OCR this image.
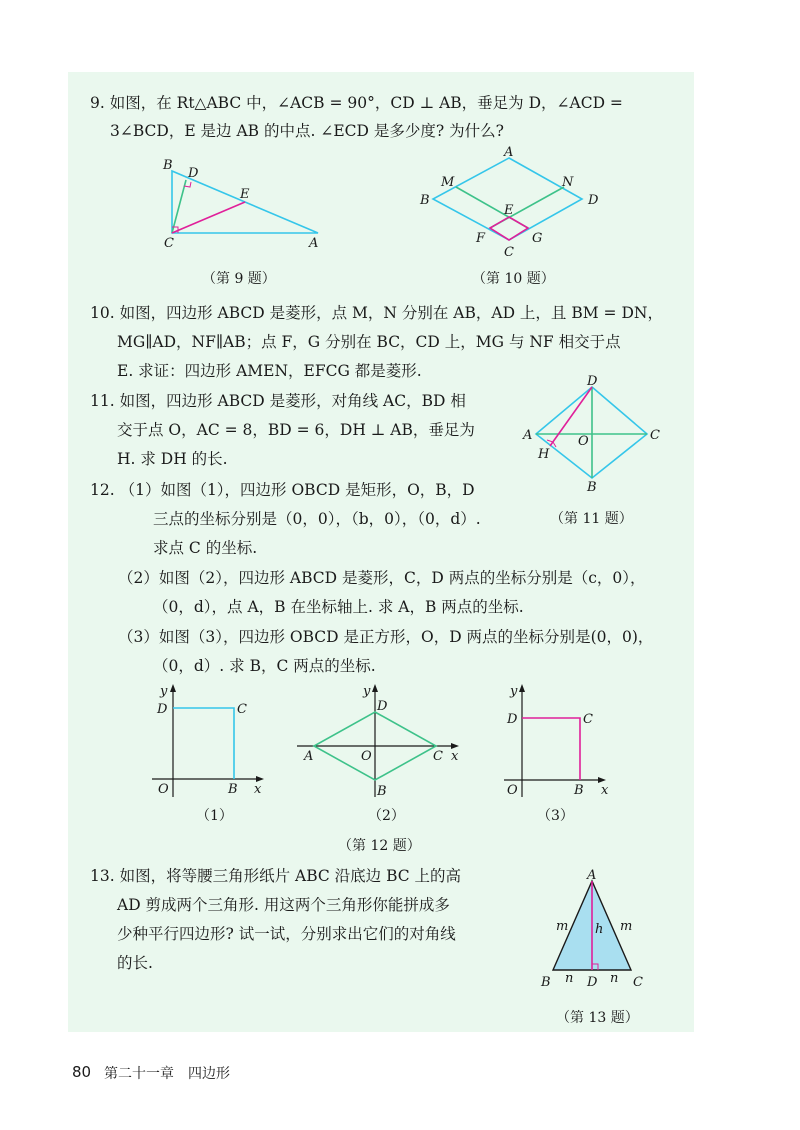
9. 如图，在 Rt△ABC 中，∠ACB = 90°，CD ⊥ AB，垂足为 D，∠ACD =
3∠BCD，E 是边 AB 的中点. ∠ECD 是多少度? 为什么?
B
D
E
C	A
（第 9 题）
A
M	N
B	D
E
F	G
C
（第 10 题）
10. 如图，四边形 ABCD 是菱形，点 M，N 分别在 AB，AD 上，且 BM = DN，
MG∥AD，NF∥AB；点 F，G 分别在 BC，CD 上，MG 与 NF 相交于点
E. 求证：四边形 AMEN，EFCG 都是菱形.
11. 如图，四边形 ABCD 是菱形，对角线 AC，BD 相
交于点 O，AC = 8，BD = 6，DH ⊥ AB，垂足为
H. 求 DH 的长.
D
A	O	C
H
B
（第 11 题）
12. （1）如图（1），四边形 OBCD 是矩形，O，B，D
三点的坐标分别是（0，0），（b，0），（0，d）.
求点 C 的坐标.
（2）如图（2），四边形 ABCD 是菱形，C，D 两点的坐标分别是（c，0），
（0，d），点 A，B 在坐标轴上. 求 A，B 两点的坐标.
（3）如图（3），四边形 OBCD 是正方形，O，D 两点的坐标分别是(0，0)，
（0，d）. 求 B，C 两点的坐标.
y
D	C
O	B x
（1）
y
D
A	O	C x
B
（2）
y
D	C
O	B x
（3）
（第 12 题）
13. 如图，将等腰三角形纸片 ABC 沿底边 BC 上的高
AD 剪成两个三角形. 用这两个三角形你能拼成多
少种平行四边形? 试一试，分别求出它们的对角线
的长.
A
m	m
h
n	n
B	D	C
（第 13 题）
80 第二十一章　四边形
